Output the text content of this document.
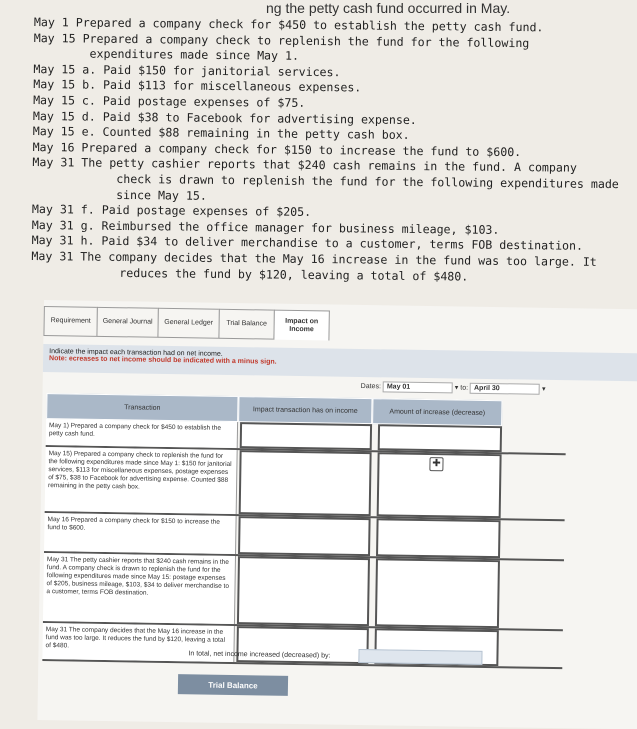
ng the petty cash fund occurred in May.
May 1 Prepared a company check for $450 to establish the petty cash fund.
May 15 Prepared a company check to replenish the fund for the following
expenditures made since May 1.
May 15 a. Paid $150 for janitorial services.
May 15 b. Paid $113 for miscellaneous expenses.
May 15 c. Paid postage expenses of $75.
May 15 d. Paid $38 to Facebook for advertising expense.
May 15 e. Counted $88 remaining in the petty cash box.
May 16 Prepared a company check for $150 to increase the fund to $600.
May 31 The petty cashier reports that $240 cash remains in the fund. A company
check is drawn to replenish the fund for the following expenditures made
since May 15.
May 31 f. Paid postage expenses of $205.
May 31 g. Reimbursed the office manager for business mileage, $103.
May 31 h. Paid $34 to deliver merchandise to a customer, terms FOB destination.
May 31 The company decides that the May 16 increase in the fund was too large. It
reduces the fund by $120, leaving a total of $480.
Requirement	General Journal	General Ledger	Trial Balance	Impact on Income
Indicate the impact each transaction had on net income.
Note: ecreases to net income should be indicated with a minus sign.
Dates: May 01	▾ to: April 30	▾
Transaction	Impact transaction has on income	Amount of increase (decrease)
May 1) Prepared a company check for $450 to establish the petty cash fund.
May 15) Prepared a company check to replenish the fund for the following expenditures made since May 1: $150 for janitorial services, $113 for miscellaneous expenses, postage expenses of $75, $38 to Facebook for advertising expense. Counted $88 remaining in the petty cash box.
✚
May 16 Prepared a company check for $150 to increase the fund to $600.
May 31 The petty cashier reports that $240 cash remains in the fund. A company check is drawn to replenish the fund for the following expenditures made since May 15: postage expenses of $205, business mileage, $103, $34 to deliver merchandise to a customer, terms FOB destination.
May 31 The company decides that the May 16 increase in the fund was too large. It reduces the fund by $120, leaving a total of $480.
In total, net income increased (decreased) by:
Trial Balance
